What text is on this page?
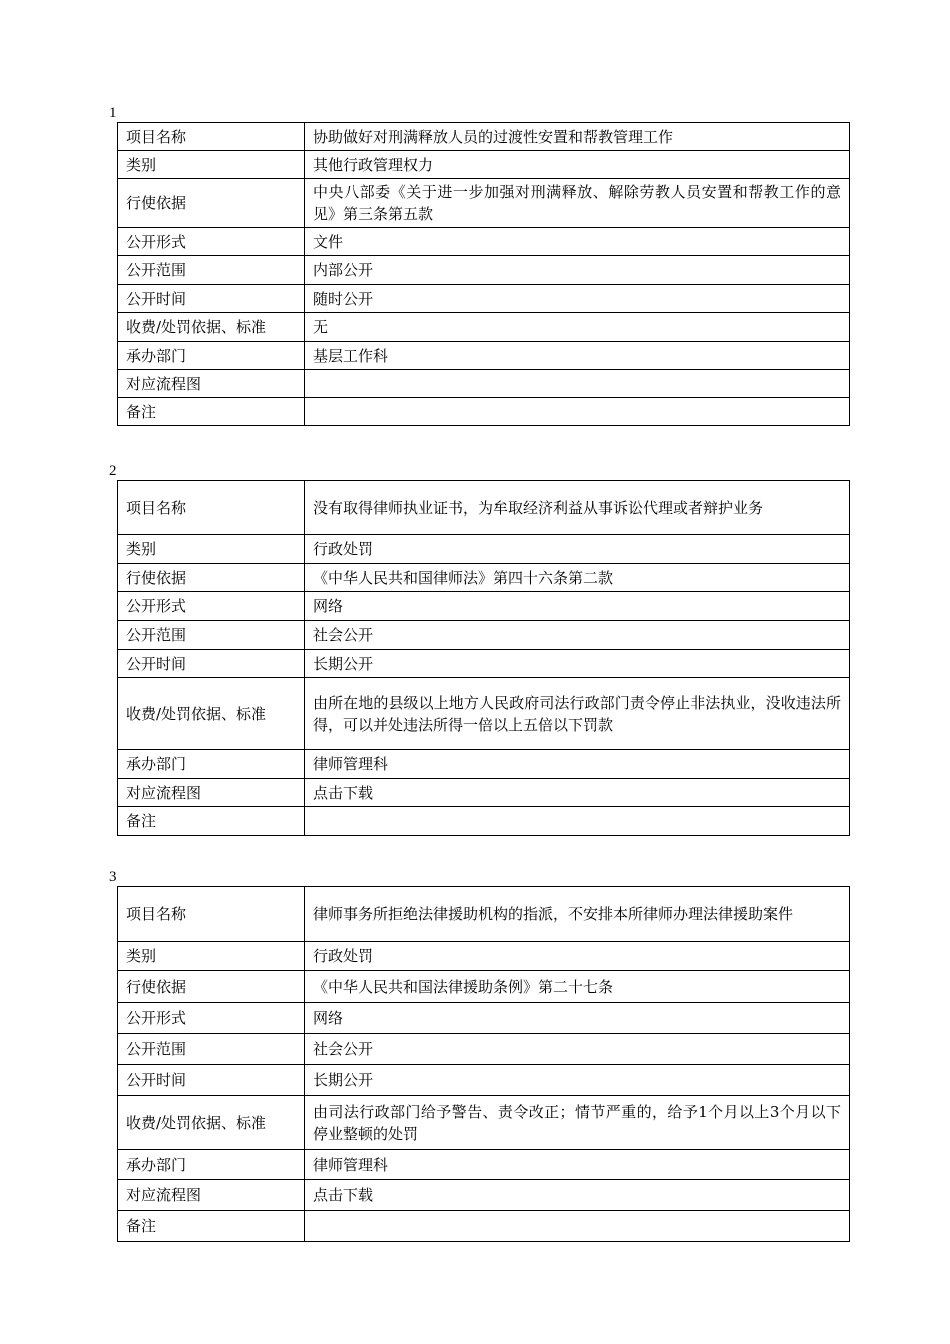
1
项目名称	协助做好对刑满释放人员的过渡性安置和帮教管理工作
类别	其他行政管理权力
行使依据	中央八部委《关于进一步加强对刑满释放、解除劳教人员安置和帮教工作的意见》第三条第五款
公开形式	文件
公开范围	内部公开
公开时间	随时公开
收费/处罚依据、标准	无
承办部门	基层工作科
对应流程图	
备注	
2
项目名称	没有取得律师执业证书，为牟取经济利益从事诉讼代理或者辩护业务
类别	行政处罚
行使依据	《中华人民共和国律师法》第四十六条第二款
公开形式	网络
公开范围	社会公开
公开时间	长期公开
收费/处罚依据、标准	由所在地的县级以上地方人民政府司法行政部门责令停止非法执业，没收违法所得，可以并处违法所得一倍以上五倍以下罚款
承办部门	律师管理科
对应流程图	点击下载
备注	
3
项目名称	律师事务所拒绝法律援助机构的指派，不安排本所律师办理法律援助案件
类别	行政处罚
行使依据	《中华人民共和国法律援助条例》第二十七条
公开形式	网络
公开范围	社会公开
公开时间	长期公开
收费/处罚依据、标准	由司法行政部门给予警告、责令改正；情节严重的，给予1个月以上3个月以下停业整顿的处罚
承办部门	律师管理科
对应流程图	点击下载
备注	
